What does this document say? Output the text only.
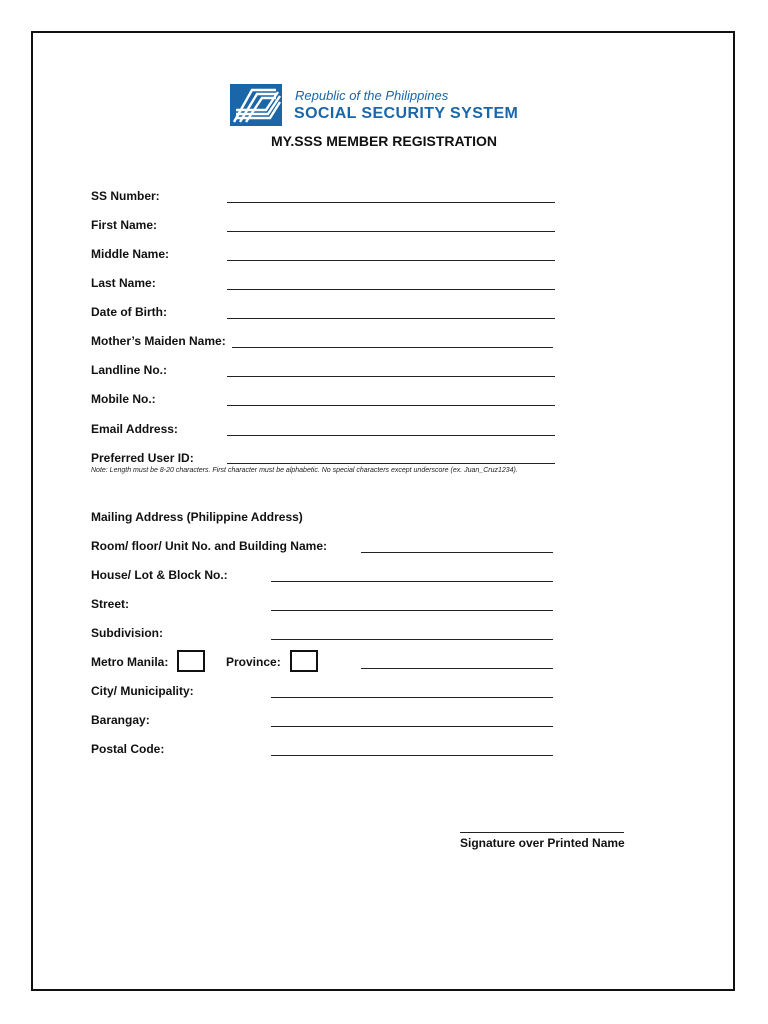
Republic of the Philippines
SOCIAL SECURITY SYSTEM
MY.SSS MEMBER REGISTRATION
SS Number:
First Name:
Middle Name:
Last Name:
Date of Birth:
Mother’s Maiden Name:
Landline No.:
Mobile No.:
Email Address:
Preferred User ID:
Note: Length must be 8-20 characters. First character must be alphabetic. No special characters except underscore (ex. Juan_Cruz1234).
Mailing Address (Philippine Address)
Room/ floor/ Unit No. and Building Name:
House/ Lot & Block No.:
Street:
Subdivision:
Metro Manila:	Province:
City/ Municipality:
Barangay:
Postal Code:
Signature over Printed Name
